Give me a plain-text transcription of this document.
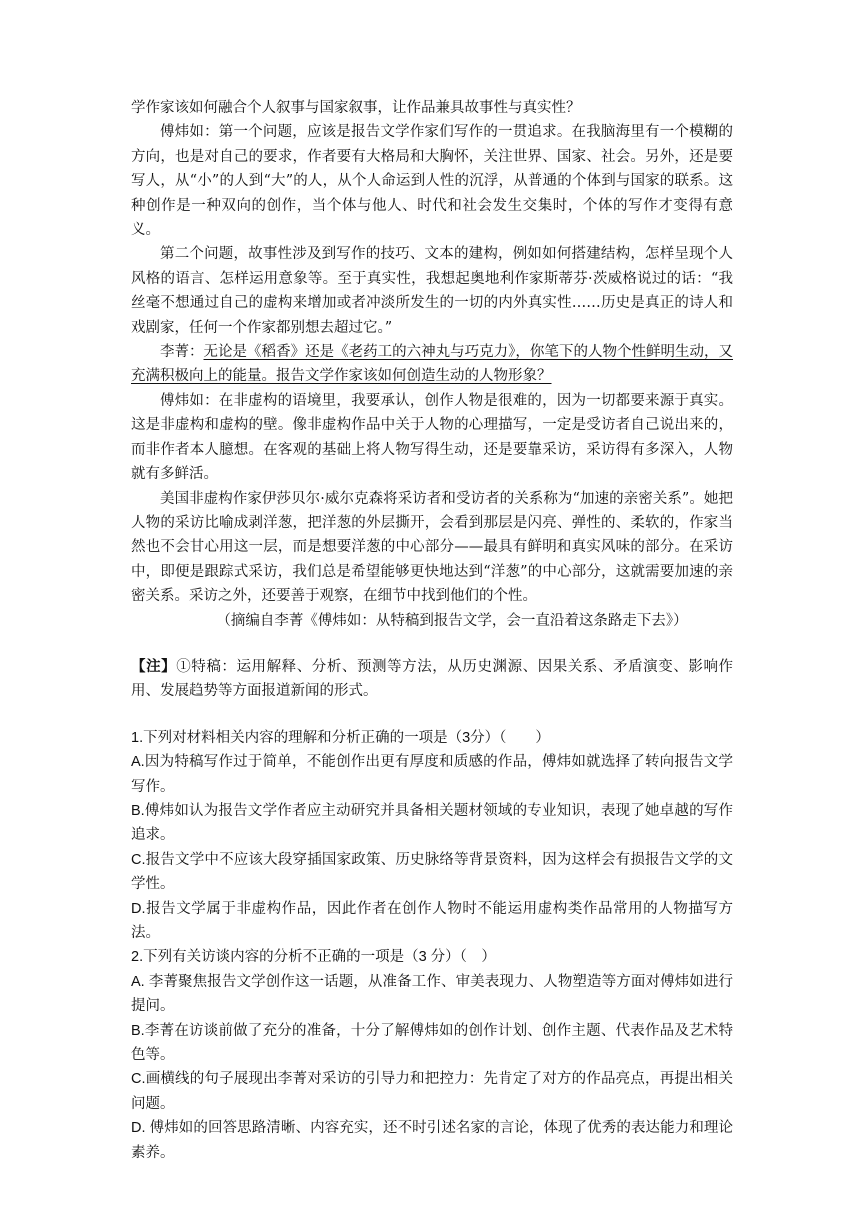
学作家该如何融合个人叙事与国家叙事，让作品兼具故事性与真实性？

傅炜如：第一个问题，应该是报告文学作家们写作的一贯追求。在我脑海里有一个模糊的方向，也是对自己的要求，作者要有大格局和大胸怀，关注世界、国家、社会。另外，还是要写人，从“小”的人到“大”的人，从个人命运到人性的沉浮，从普通的个体到与国家的联系。这种创作是一种双向的创作，当个体与他人、时代和社会发生交集时，个体的写作才变得有意义。

第二个问题，故事性涉及到写作的技巧、文本的建构，例如如何搭建结构，怎样呈现个人风格的语言、怎样运用意象等。至于真实性，我想起奥地利作家斯蒂芬·茨威格说过的话：“我丝毫不想通过自己的虚构来增加或者冲淡所发生的一切的内外真实性……历史是真正的诗人和戏剧家，任何一个作家都别想去超过它。”

李菁：无论是《稻香》还是《老药工的六神丸与巧克力》，你笔下的人物个性鲜明生动，又充满积极向上的能量。报告文学作家该如何创造生动的人物形象？

傅炜如：在非虚构的语境里，我要承认，创作人物是很难的，因为一切都要来源于真实。这是非虚构和虚构的壁。像非虚构作品中关于人物的心理描写，一定是受访者自己说出来的，而非作者本人臆想。在客观的基础上将人物写得生动，还是要靠采访，采访得有多深入，人物就有多鲜活。

美国非虚构作家伊莎贝尔·威尔克森将采访者和受访者的关系称为“加速的亲密关系”。她把人物的采访比喻成剥洋葱，把洋葱的外层撕开，会看到那层是闪亮、弹性的、柔软的，作家当然也不会甘心用这一层，而是想要洋葱的中心部分——最具有鲜明和真实风味的部分。在采访中，即便是跟踪式采访，我们总是希望能够更快地达到“洋葱”的中心部分，这就需要加速的亲密关系。采访之外，还要善于观察，在细节中找到他们的个性。

（摘编自李菁《傅炜如：从特稿到报告文学，会一直沿着这条路走下去》）

【注】①特稿：运用解释、分析、预测等方法，从历史渊源、因果关系、矛盾演变、影响作用、发展趋势等方面报道新闻的形式。

1.下列对材料相关内容的理解和分析正确的一项是（3分）（　　）

A.因为特稿写作过于简单，不能创作出更有厚度和质感的作品，傅炜如就选择了转向报告文学写作。

B.傅炜如认为报告文学作者应主动研究并具备相关题材领域的专业知识，表现了她卓越的写作追求。

C.报告文学中不应该大段穿插国家政策、历史脉络等背景资料，因为这样会有损报告文学的文学性。

D.报告文学属于非虚构作品，因此作者在创作人物时不能运用虚构类作品常用的人物描写方法。

2.下列有关访谈内容的分析不正确的一项是（3 分）（　）

A. 李菁聚焦报告文学创作这一话题，从准备工作、审美表现力、人物塑造等方面对傅炜如进行提问。

B.李菁在访谈前做了充分的准备，十分了解傅炜如的创作计划、创作主题、代表作品及艺术特色等。

C.画横线的句子展现出李菁对采访的引导力和把控力：先肯定了对方的作品亮点，再提出相关问题。

D. 傅炜如的回答思路清晰、内容充实，还不时引述名家的言论，体现了优秀的表达能力和理论素养。
